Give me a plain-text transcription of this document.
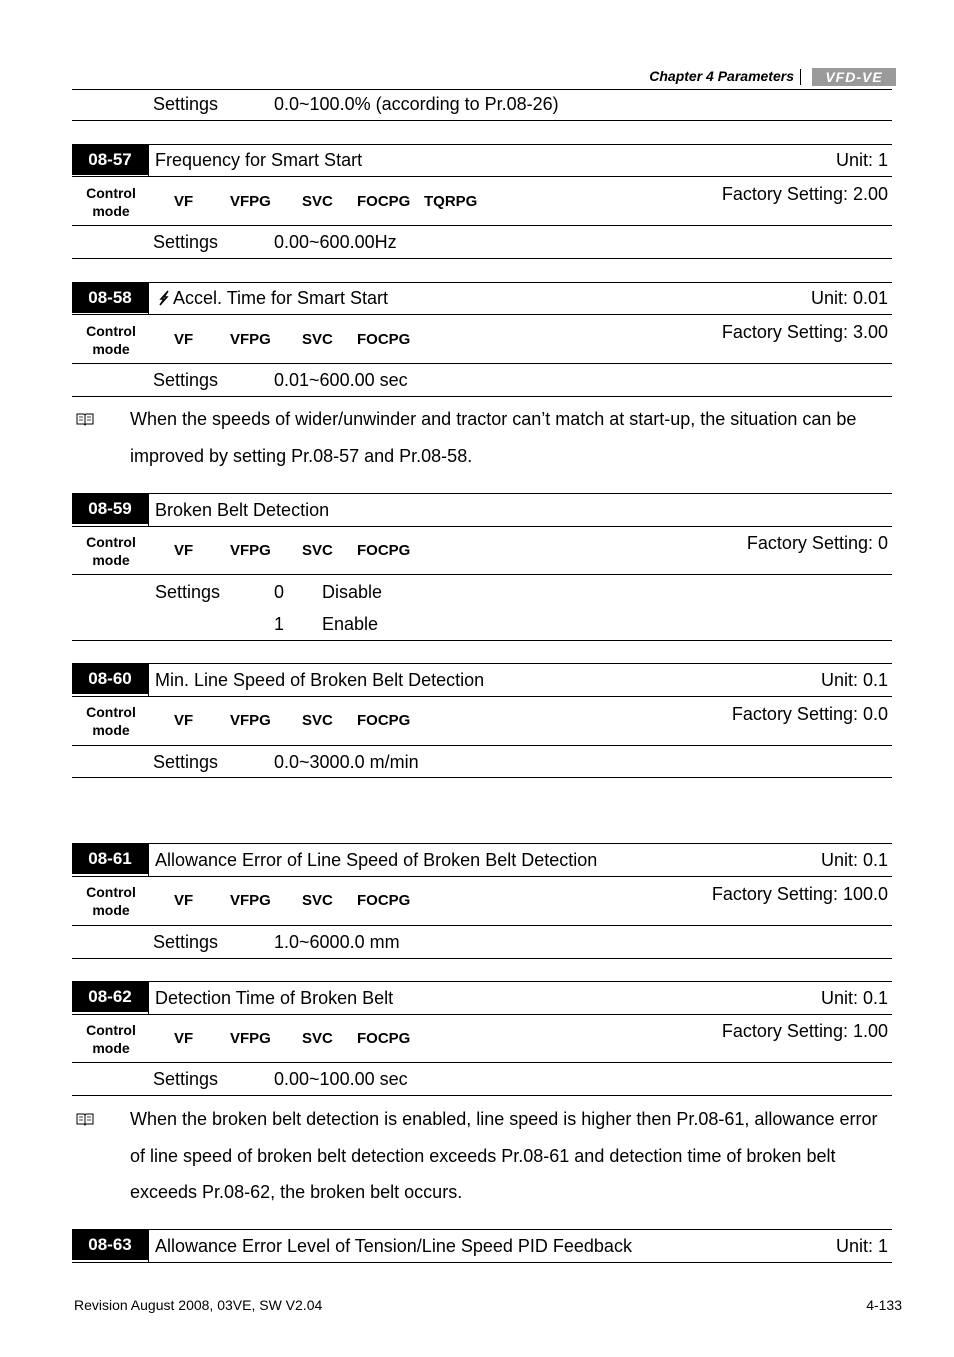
Chapter 4 Parameters	VFD-VE
Settings	0.0~100.0% (according to Pr.08-26)
08-57	Frequency for Smart Start	Unit: 1
Control mode
VF VFPG SVC FOCPG TQRPG	Factory Setting: 2.00
Settings	0.00~600.00Hz
08-58	Accel. Time for Smart Start	Unit: 0.01
Control mode
VF VFPG SVC FOCPG	Factory Setting: 3.00
Settings	0.01~600.00 sec
When the speeds of wider/unwinder and tractor can’t match at start-up, the situation can be
improved by setting Pr.08-57 and Pr.08-58.
08-59	Broken Belt Detection
Control mode
VF VFPG SVC FOCPG	Factory Setting: 0
Settings	0 Disable
1 Enable
08-60	Min. Line Speed of Broken Belt Detection	Unit: 0.1
Control mode
VF VFPG SVC FOCPG	Factory Setting: 0.0
Settings	0.0~3000.0 m/min
08-61	Allowance Error of Line Speed of Broken Belt Detection	Unit: 0.1
Control mode
VF VFPG SVC FOCPG	Factory Setting: 100.0
Settings	1.0~6000.0 mm
08-62	Detection Time of Broken Belt	Unit: 0.1
Control mode
VF VFPG SVC FOCPG	Factory Setting: 1.00
Settings	0.00~100.00 sec
When the broken belt detection is enabled, line speed is higher then Pr.08-61, allowance error
of line speed of broken belt detection exceeds Pr.08-61 and detection time of broken belt
exceeds Pr.08-62, the broken belt occurs.
08-63	Allowance Error Level of Tension/Line Speed PID Feedback	Unit: 1
Revision August 2008, 03VE, SW V2.04	4-133
